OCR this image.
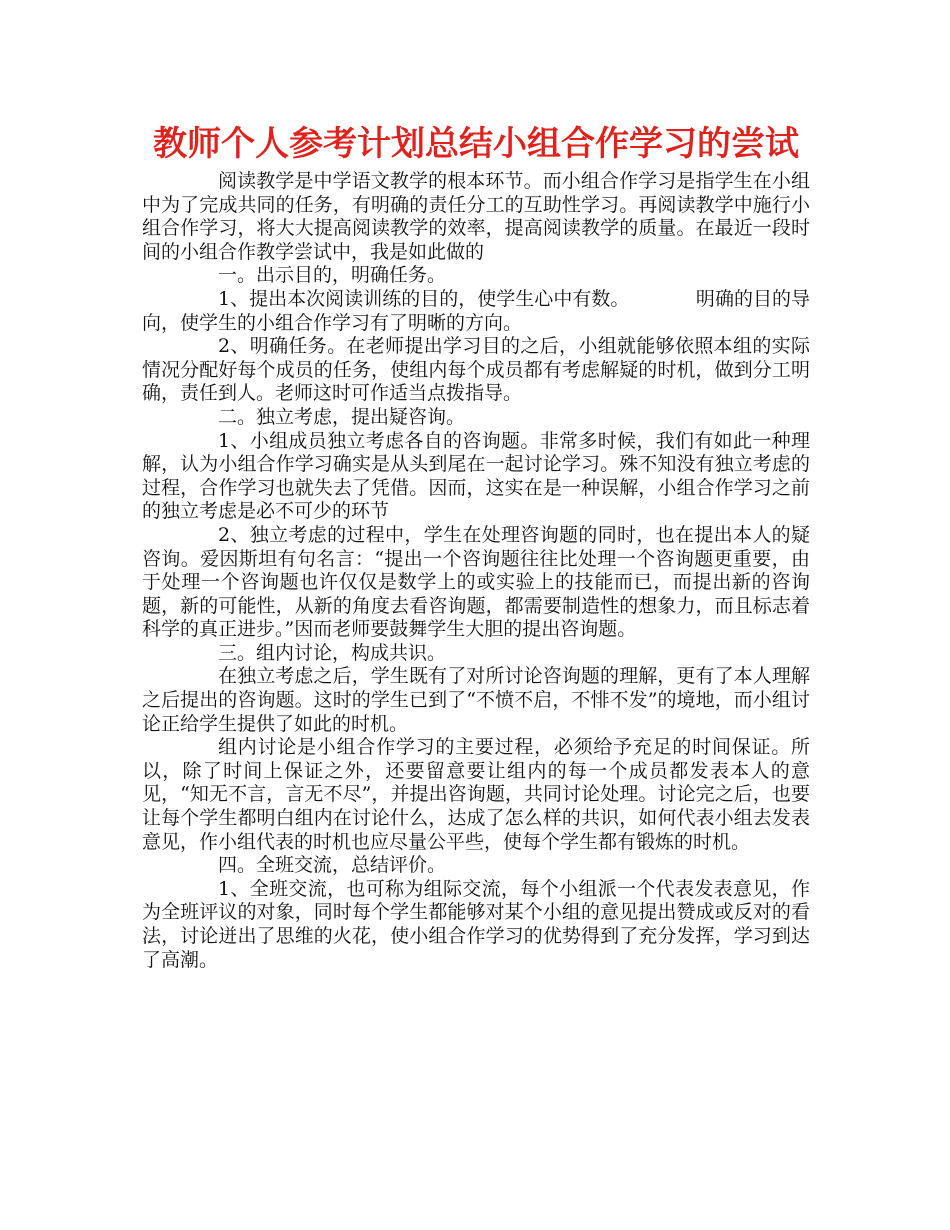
教师个人参考计划总结小组合作学习的尝试

阅读教学是中学语文教学的根本环节。而小组合作学习是指学生在小组中为了完成共同的任务，有明确的责任分工的互助性学习。再阅读教学中施行小组合作学习，将大大提高阅读教学的效率，提高阅读教学的质量。在最近一段时间的小组合作教学尝试中，我是如此做的

一。出示目的，明确任务。

1、提出本次阅读训练的目的，使学生心中有数。　　　　明确的目的导向，使学生的小组合作学习有了明晰的方向。

2、明确任务。在老师提出学习目的之后，小组就能够依照本组的实际情况分配好每个成员的任务，使组内每个成员都有考虑解疑的时机，做到分工明确，责任到人。老师这时可作适当点拨指导。

二。独立考虑，提出疑咨询。

1、小组成员独立考虑各自的咨询题。非常多时候，我们有如此一种理解，认为小组合作学习确实是从头到尾在一起讨论学习。殊不知没有独立考虑的过程，合作学习也就失去了凭借。因而，这实在是一种误解，小组合作学习之前的独立考虑是必不可少的环节

2、独立考虑的过程中，学生在处理咨询题的同时，也在提出本人的疑咨询。爱因斯坦有句名言：“提出一个咨询题往往比处理一个咨询题更重要，由于处理一个咨询题也许仅仅是数学上的或实验上的技能而已，而提出新的咨询题，新的可能性，从新的角度去看咨询题，都需要制造性的想象力，而且标志着科学的真正进步。”因而老师要鼓舞学生大胆的提出咨询题。

三。组内讨论，构成共识。

在独立考虑之后，学生既有了对所讨论咨询题的理解，更有了本人理解之后提出的咨询题。这时的学生已到了“不愤不启，不悱不发”的境地，而小组讨论正给学生提供了如此的时机。

组内讨论是小组合作学习的主要过程，必须给予充足的时间保证。所以，除了时间上保证之外，还要留意要让组内的每一个成员都发表本人的意见，“知无不言，言无不尽”，并提出咨询题，共同讨论处理。讨论完之后，也要让每个学生都明白组内在讨论什么，达成了怎么样的共识，如何代表小组去发表意见，作小组代表的时机也应尽量公平些，使每个学生都有锻炼的时机。

四。全班交流，总结评价。

1、全班交流，也可称为组际交流，每个小组派一个代表发表意见，作为全班评议的对象，同时每个学生都能够对某个小组的意见提出赞成或反对的看法，讨论迸出了思维的火花，使小组合作学习的优势得到了充分发挥，学习到达了高潮。
